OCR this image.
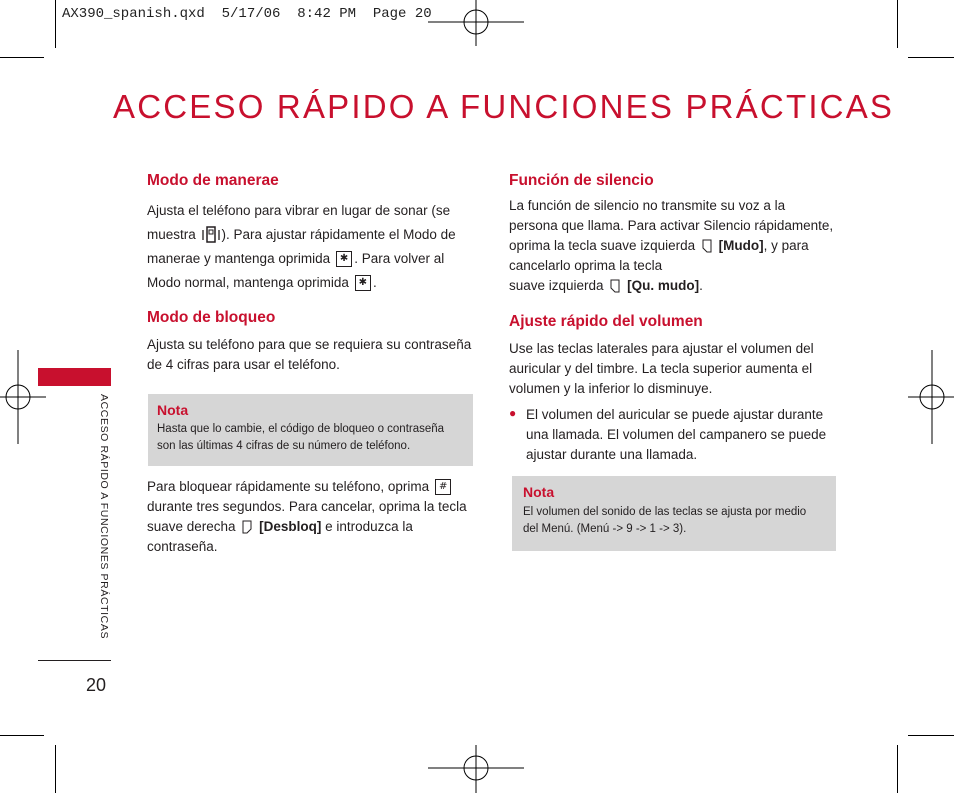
AX390_spanish.qxd  5/17/06  8:42 PM  Page 20
ACCESO RÁPIDO A FUNCIONES PRÁCTICAS
ACCESO RÁPIDO A FUNCIONES PRÁCTICAS
20
Modo de manerae
Ajusta el teléfono para vibrar en lugar de sonar (se
muestra ). Para ajustar rápidamente el Modo de
manerae y mantenga oprimida ✱ . Para volver al
Modo normal, mantenga oprimida ✱ .
Modo de bloqueo
Ajusta su teléfono para que se requiera su contraseña
de 4 cifras para usar el teléfono.
Nota
Hasta que lo cambie, el código de bloqueo o contraseña
son las últimas 4 cifras de su número de teléfono.
Para bloquear rápidamente su teléfono, oprima #
durante tres segundos. Para cancelar, oprima la tecla
suave derecha [Desbloq] e introduzca la contraseña.
Función de silencio
La función de silencio no transmite su voz a la
persona que llama. Para activar Silencio rápidamente,
oprima la tecla suave izquierda [Mudo], y para
cancelarlo oprima la tecla
suave izquierda [Qu. mudo].
Ajuste rápido del volumen
Use las teclas laterales para ajustar el volumen del
auricular y del timbre. La tecla superior aumenta el
volumen y la inferior lo disminuye.
● El volumen del auricular se puede ajustar durante
una llamada. El volumen del campanero se puede
ajustar durante una llamada.
Nota
El volumen del sonido de las teclas se ajusta por medio
del Menú. (Menú -> 9 -> 1 -> 3).
